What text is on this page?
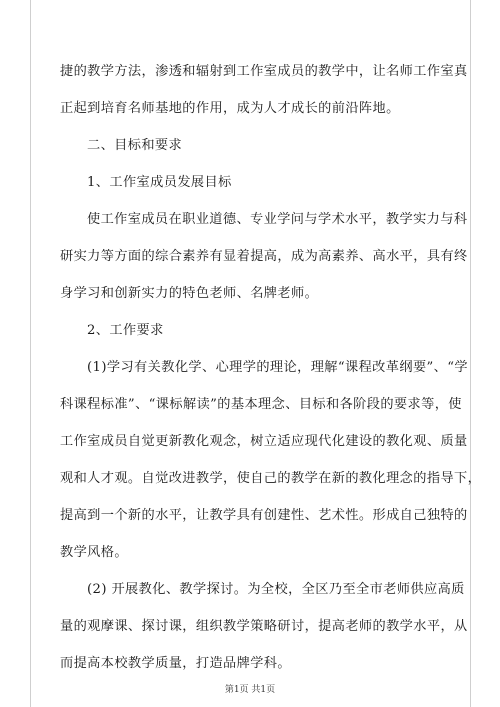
捷的教学方法，渗透和辐射到工作室成员的教学中，让名师工作室真
正起到培育名师基地的作用，成为人才成长的前沿阵地。
二、目标和要求
1、工作室成员发展目标
使工作室成员在职业道德、专业学问与学术水平，教学实力与科
研实力等方面的综合素养有显着提高，成为高素养、高水平，具有终
身学习和创新实力的特色老师、名牌老师。
2、工作要求
(1)学习有关教化学、心理学的理论，理解“课程改革纲要”、“学
科课程标准”、“课标解读”的基本理念、目标和各阶段的要求等，使
工作室成员自觉更新教化观念，树立适应现代化建设的教化观、质量
观和人才观。自觉改进教学，使自己的教学在新的教化理念的指导下，
提高到一个新的水平，让教学具有创建性、艺术性。形成自己独特的
教学风格。
(2) 开展教化、教学探讨。为全校，全区乃至全市老师供应高质
量的观摩课、探讨课，组织教学策略研讨，提高老师的教学水平，从
而提高本校教学质量，打造品牌学科。
第1页 共1页
